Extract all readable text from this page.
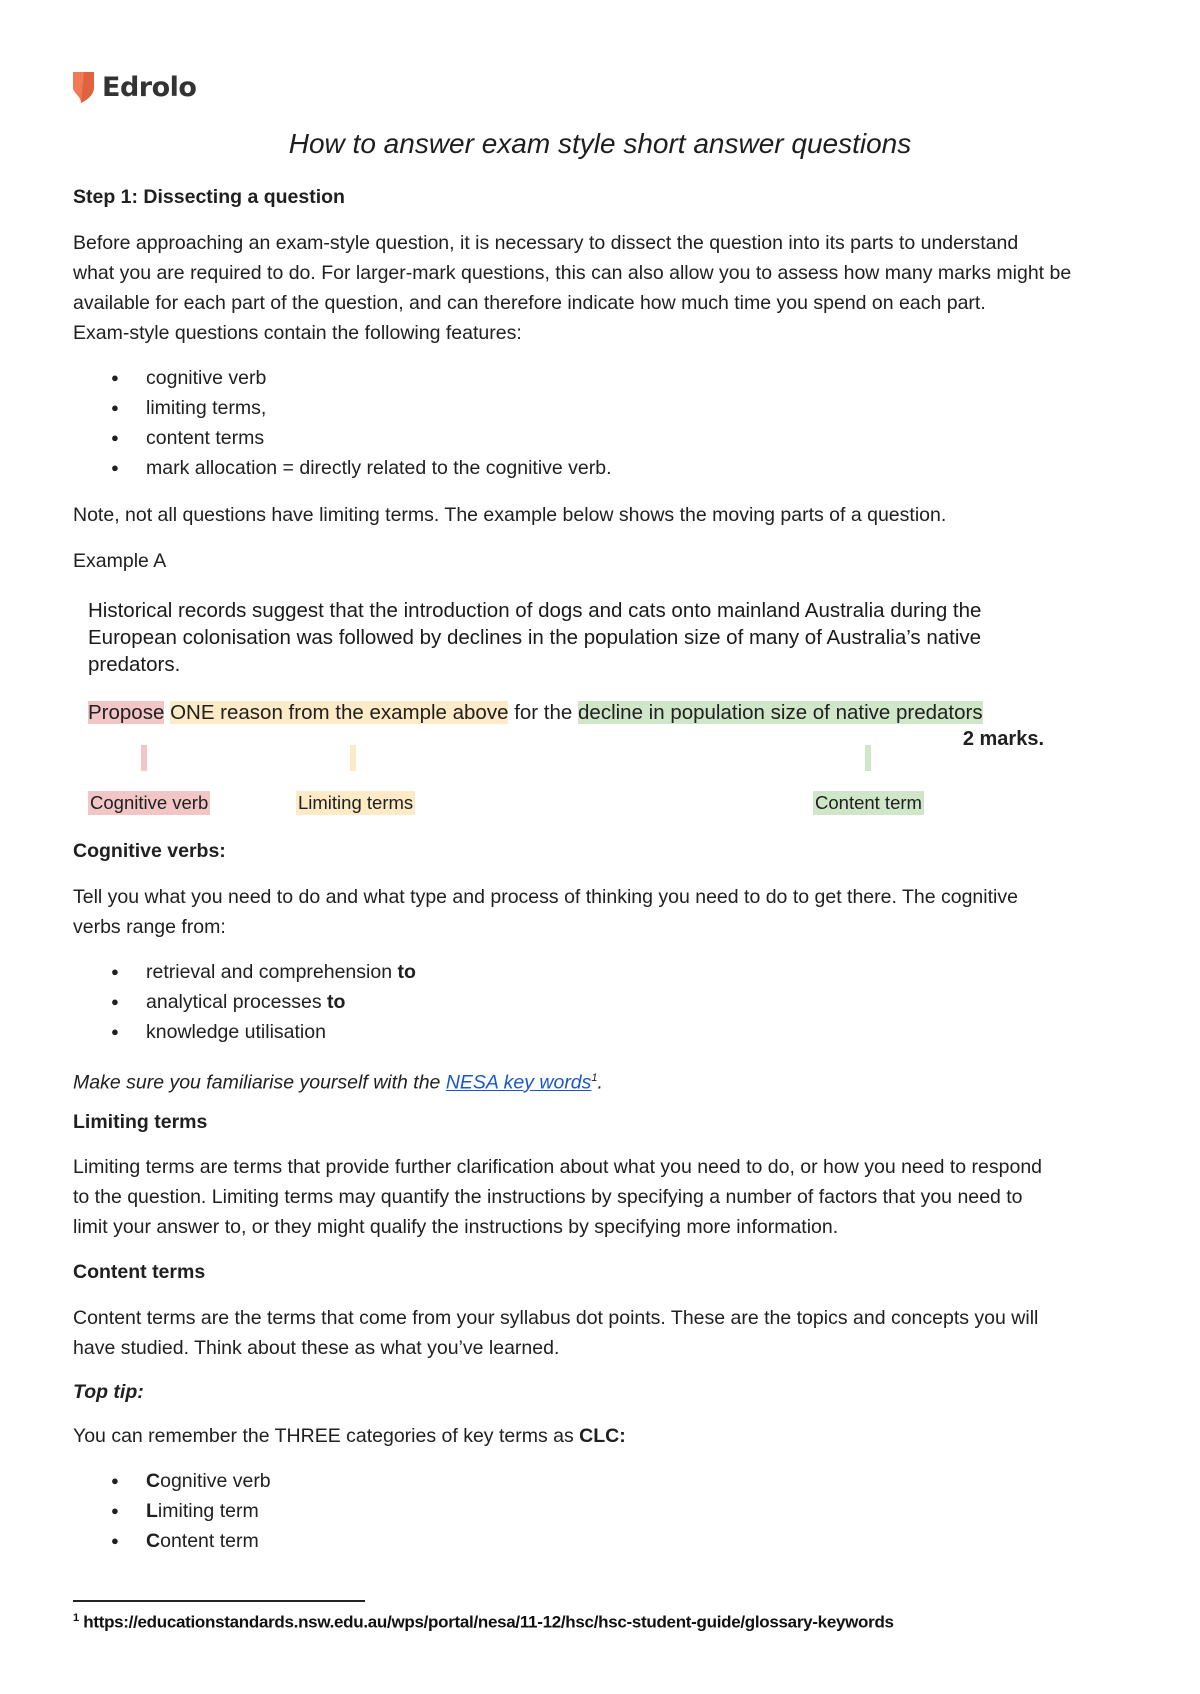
Edrolo
How to answer exam style short answer questions

Step 1: Dissecting a question

Before approaching an exam-style question, it is necessary to dissect the question into its parts to understand

what you are required to do. For larger-mark questions, this can also allow you to assess how many marks might be

available for each part of the question, and can therefore indicate how much time you spend on each part.

Exam-style questions contain the following features:

● cognitive verb
● limiting terms,
● content terms
● mark allocation = directly related to the cognitive verb.

Note, not all questions have limiting terms. The example below shows the moving parts of a question.

Example A

Historical records suggest that the introduction of dogs and cats onto mainland Australia during the
European colonisation was followed by declines in the population size of many of Australia’s native
predators.
Propose ONE reason from the example above for the decline in population size of native predators
2 marks.
Cognitive verb	Limiting terms	Content term

Cognitive verbs:

Tell you what you need to do and what type and process of thinking you need to do to get there. The cognitive

verbs range from:

● retrieval and comprehension to
● analytical processes to
● knowledge utilisation

Make sure you familiarise yourself with the NESA key words$^1$.

Limiting terms

Limiting terms are terms that provide further clarification about what you need to do, or how you need to respond

to the question. Limiting terms may quantify the instructions by specifying a number of factors that you need to

limit your answer to, or they might qualify the instructions by specifying more information.

Content terms

Content terms are the terms that come from your syllabus dot points. These are the topics and concepts you will

have studied. Think about these as what you’ve learned.

Top tip:

You can remember the THREE categories of key terms as CLC:

● Cognitive verb
● Limiting term
● Content term
$^1$ https://educationstandards.nsw.edu.au/wps/portal/nesa/11-12/hsc/hsc-student-guide/glossary-keywords
